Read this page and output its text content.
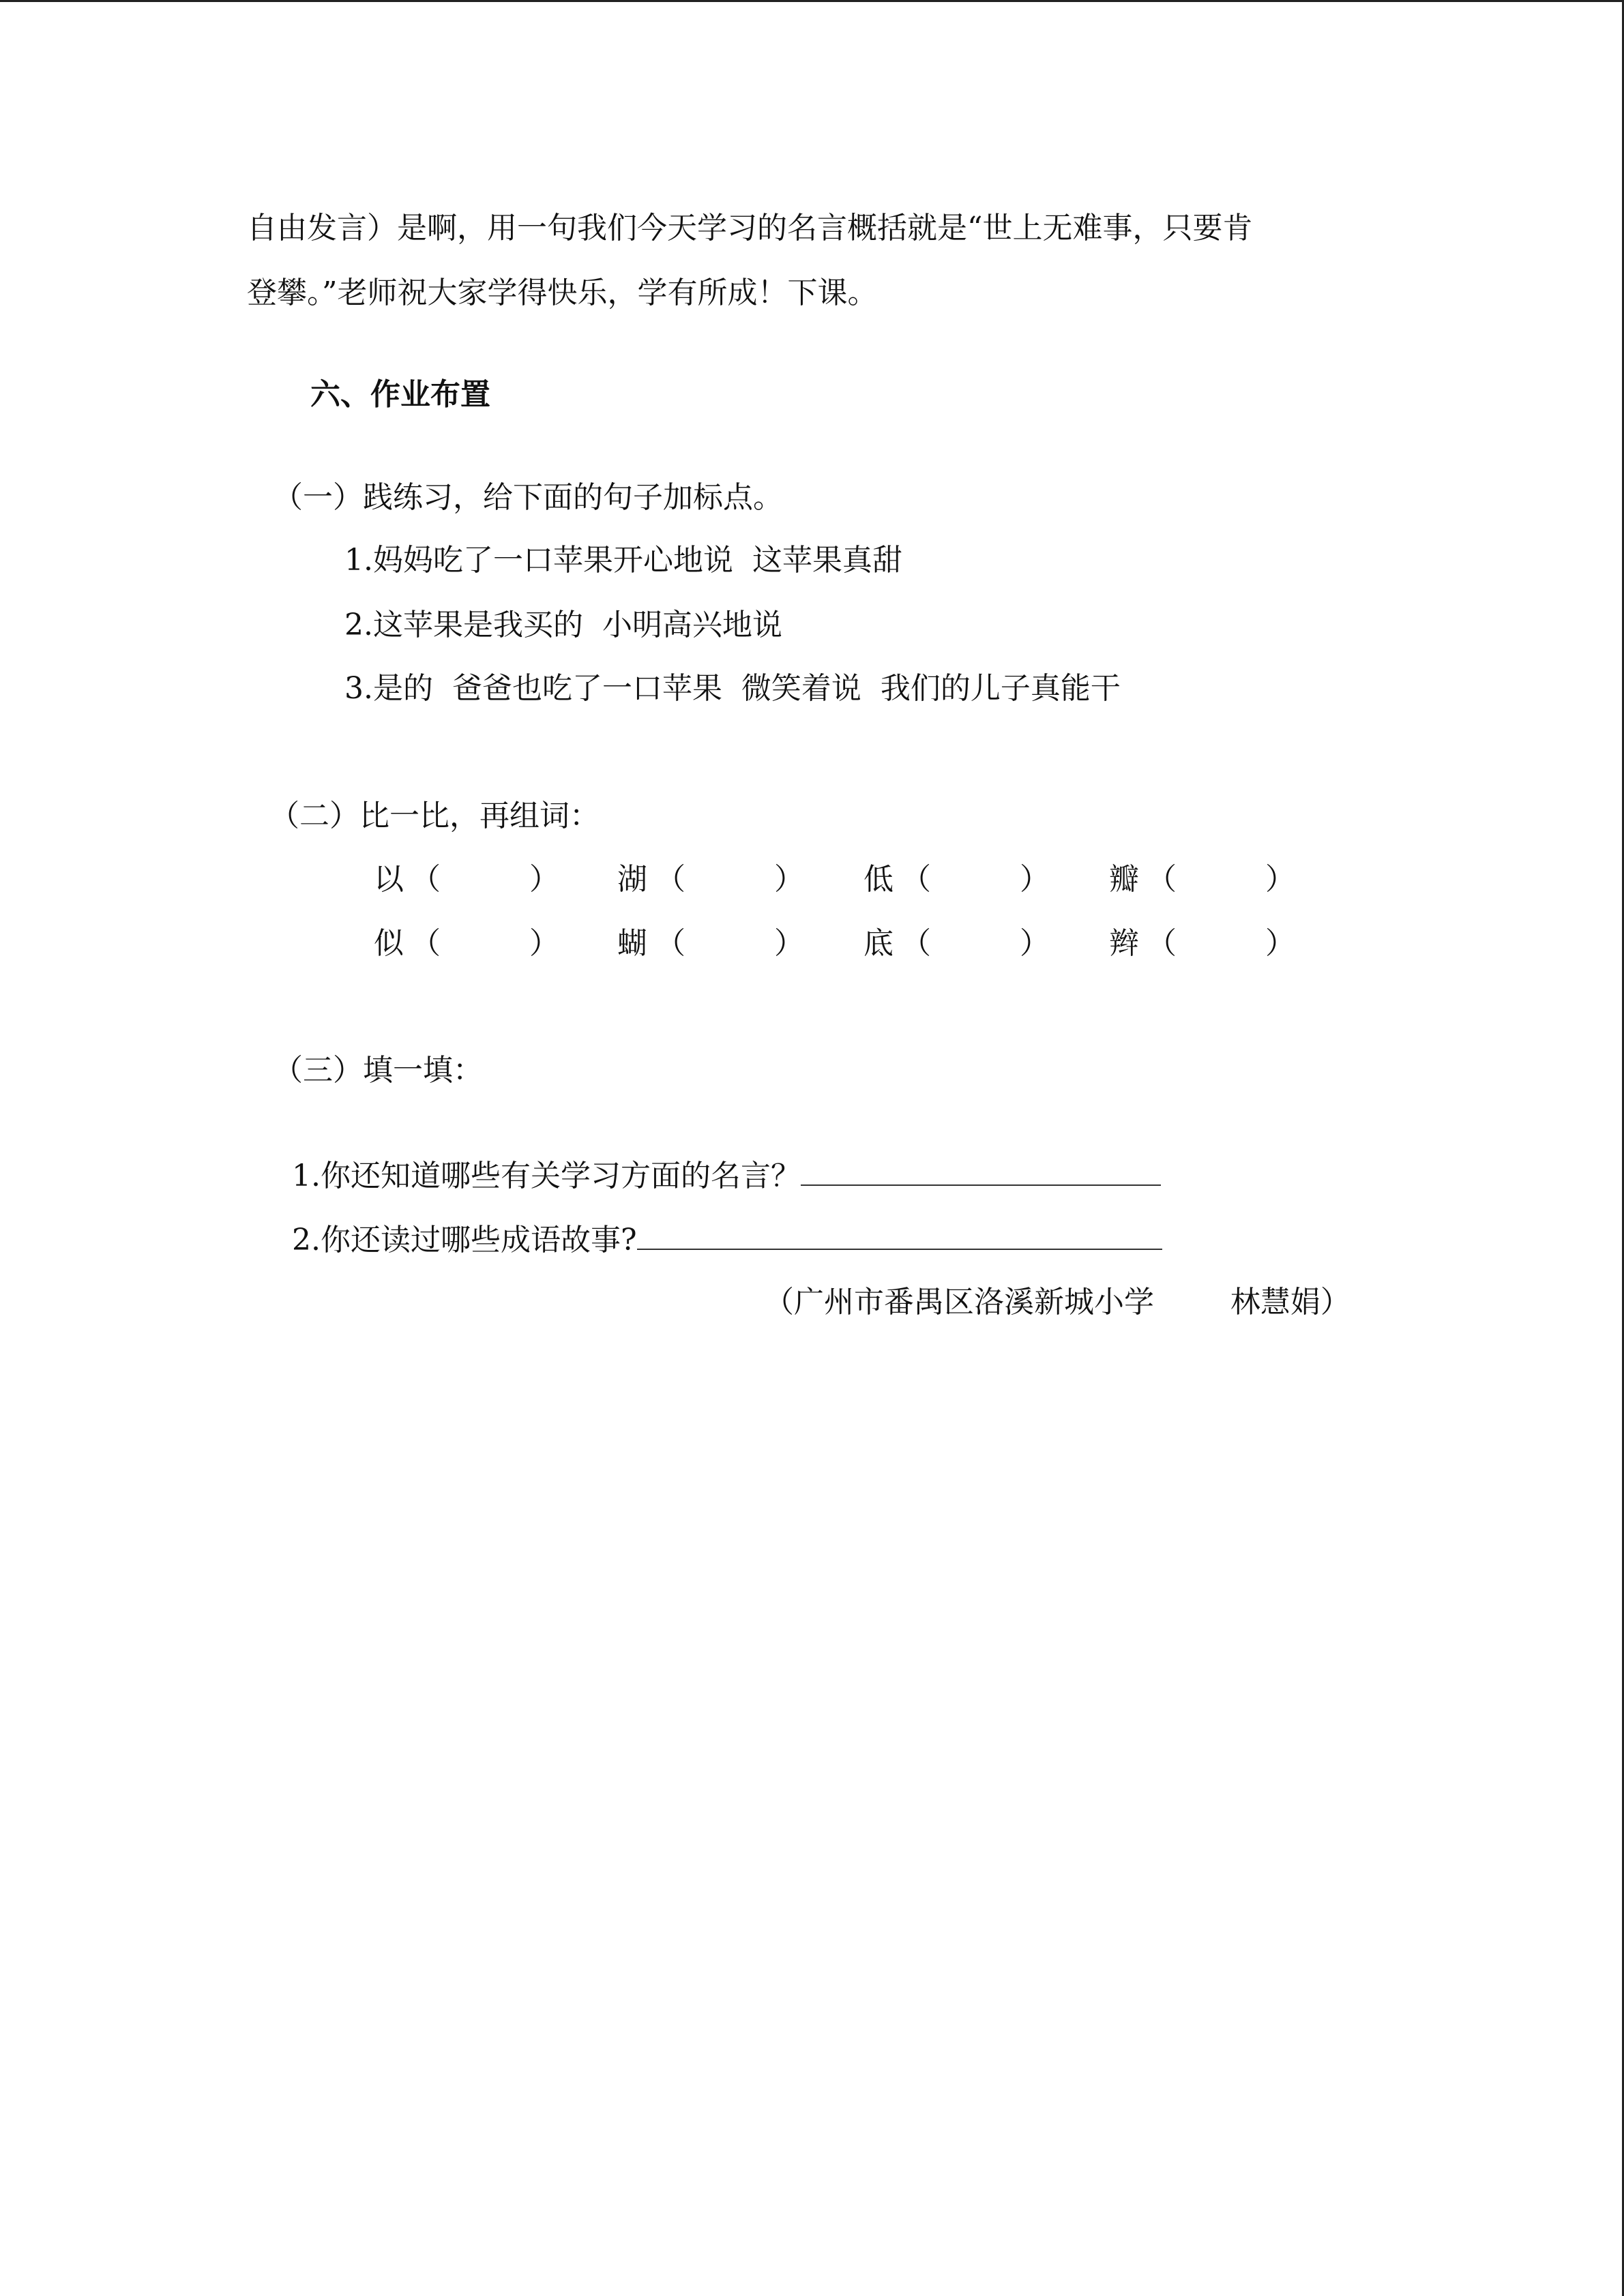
自由发言）是啊，用一句我们今天学习的名言概括就是“世上无难事，只要肯
登攀。”老师祝大家学得快乐，学有所成！下课。
六、作业布置
（一）践练习，给下面的句子加标点。
1.妈妈吃了一口苹果开心地说  这苹果真甜
2.这苹果是我买的  小明高兴地说
3.是的  爸爸也吃了一口苹果  微笑着说  我们的儿子真能干
（二）比一比，再组词：
以 （	） 湖 （	） 低 （	） 瓣 （	）
似 （	） 蝴 （	） 底 （	） 辫 （	）
（三）填一填：

1.你还知道哪些有关学习方面的名言？

2.你还读过哪些成语故事?

（广州市番禺区洛溪新城小学        林慧娟）
